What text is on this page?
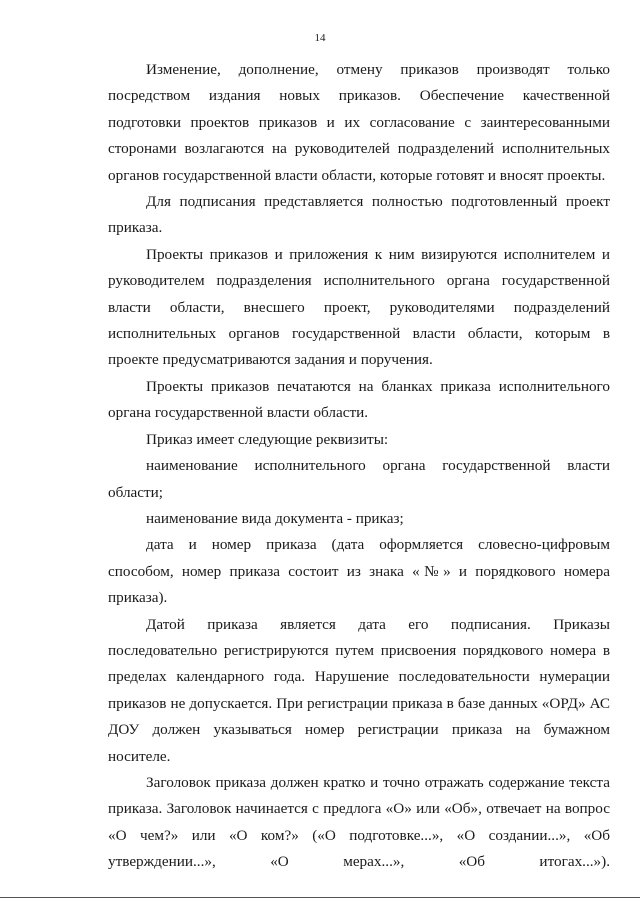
14

Изменение, дополнение, отмену приказов производят только посредством издания новых приказов. Обеспечение качественной подготовки проектов приказов и их согласование с заинтересованными сторонами возлагаются на руководителей подразделений исполнительных органов государственной власти области, которые готовят и вносят проекты.

Для подписания представляется полностью подготовленный проект приказа.

Проекты приказов и приложения к ним визируются исполнителем и руководителем подразделения исполнительного органа государственной власти области, внесшего проект, руководителями подразделений исполнительных органов государственной власти области, которым в проекте предусматриваются задания и поручения.

Проекты приказов печатаются на бланках приказа исполнительного органа государственной власти области.

Приказ имеет следующие реквизиты:

наименование исполнительного органа государственной власти области;

наименование вида документа - приказ;

дата и номер приказа (дата оформляется словесно-цифровым способом, номер приказа состоит из знака «№» и порядкового номера приказа).

Датой приказа является дата его подписания. Приказы последовательно регистрируются путем присвоения порядкового номера в пределах календарного года. Нарушение последовательности нумерации приказов не допускается. При регистрации приказа в базе данных «ОРД» АС ДОУ должен указываться номер регистрации приказа на бумажном носителе.

Заголовок приказа должен кратко и точно отражать содержание текста приказа. Заголовок начинается с предлога «О» или «Об», отвечает на вопрос «О чем?» или «О ком?» («О подготовке...», «О создании...», «Об утверждении...», «О мерах...», «Об итогах...»).
